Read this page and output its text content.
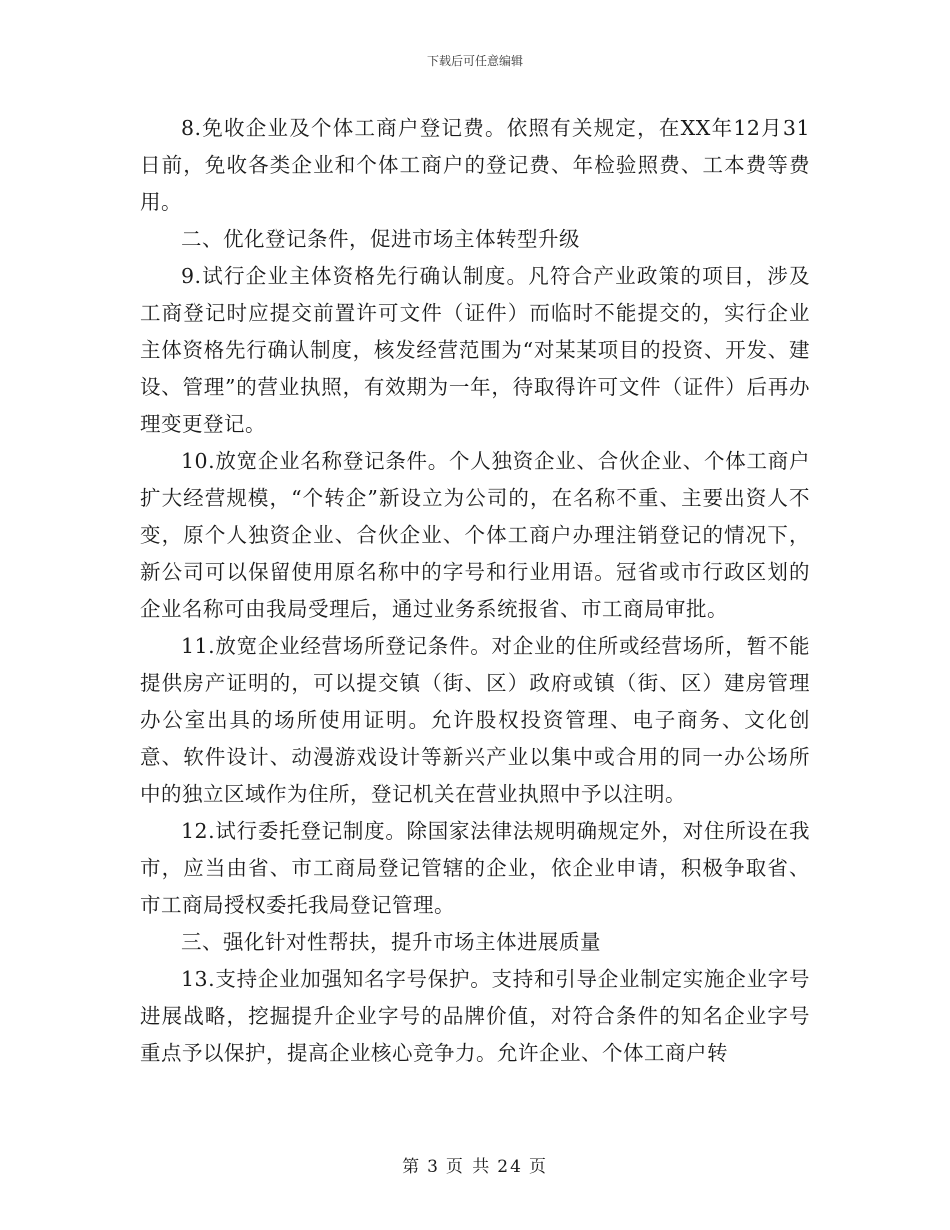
下载后可任意编辑

8.免收企业及个体工商户登记费。依照有关规定，在XX年12月31日前，免收各类企业和个体工商户的登记费、年检验照费、工本费等费用。

二、优化登记条件，促进市场主体转型升级

9.试行企业主体资格先行确认制度。凡符合产业政策的项目，涉及工商登记时应提交前置许可文件（证件）而临时不能提交的，实行企业主体资格先行确认制度，核发经营范围为“对某某项目的投资、开发、建设、管理”的营业执照，有效期为一年，待取得许可文件（证件）后再办理变更登记。

10.放宽企业名称登记条件。个人独资企业、合伙企业、个体工商户扩大经营规模，“个转企”新设立为公司的，在名称不重、主要出资人不变，原个人独资企业、合伙企业、个体工商户办理注销登记的情况下，新公司可以保留使用原名称中的字号和行业用语。冠省或市行政区划的企业名称可由我局受理后，通过业务系统报省、市工商局审批。

11.放宽企业经营场所登记条件。对企业的住所或经营场所，暂不能提供房产证明的，可以提交镇（街、区）政府或镇（街、区）建房管理办公室出具的场所使用证明。允许股权投资管理、电子商务、文化创意、软件设计、动漫游戏设计等新兴产业以集中或合用的同一办公场所中的独立区域作为住所，登记机关在营业执照中予以注明。

12.试行委托登记制度。除国家法律法规明确规定外，对住所设在我市，应当由省、市工商局登记管辖的企业，依企业申请，积极争取省、市工商局授权委托我局登记管理。

三、强化针对性帮扶，提升市场主体进展质量

13.支持企业加强知名字号保护。支持和引导企业制定实施企业字号进展战略，挖掘提升企业字号的品牌价值，对符合条件的知名企业字号重点予以保护，提高企业核心竞争力。允许企业、个体工商户转

第 3 页 共 24 页
